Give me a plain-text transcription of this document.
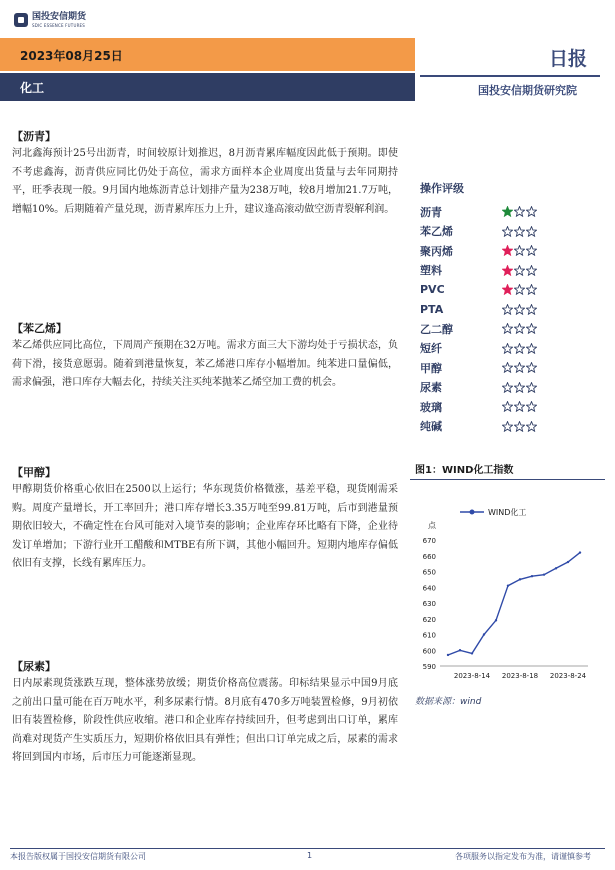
国投安信期货
SDIC ESSENCE FUTURES
2023年08月25日
化工
日报
国投安信期货研究院
【沥青】
河北鑫海预计25号出沥青，时间较原计划推迟，8月沥青累库幅度因此低于预期。即使不考虑鑫海，沥青供应同比仍处于高位，需求方面样本企业周度出货量与去年同期持平，旺季表现一般。9月国内地炼沥青总计划排产量为238万吨，较8月增加21.7万吨，增幅10%。后期随着产量兑现，沥青累库压力上升，建议逢高滚动做空沥青裂解利润。
【苯乙烯】
苯乙烯供应同比高位，下周周产预期在32万吨。需求方面三大下游均处于亏损状态，负荷下滑，接货意愿弱。随着到港量恢复，苯乙烯港口库存小幅增加。纯苯进口量偏低，需求偏强，港口库存大幅去化，持续关注买纯苯抛苯乙烯空加工费的机会。
【甲醇】
甲醇期货价格重心依旧在2500以上运行；华东现货价格微涨，基差平稳，现货刚需采购。周度产量增长，开工率回升；港口库存增长3.35万吨至99.81万吨，后市到港量预期依旧较大，不确定性在台风可能对入境节奏的影响；企业库存环比略有下降，企业待发订单增加；下游行业开工醋酸和MTBE有所下调，其他小幅回升。短期内地库存偏低依旧有支撑，长线有累库压力。
【尿素】
日内尿素现货涨跌互现，整体涨势放缓；期货价格高位震荡。印标结果显示中国9月底之前出口量可能在百万吨水平，利多尿素行情。8月底有470多万吨装置检修，9月初依旧有装置检修，阶段性供应收缩。港口和企业库存持续回升，但考虑到出口订单，累库尚难对现货产生实质压力，短期价格依旧具有弹性；但出口订单完成之后，尿素的需求将回到国内市场，后市压力可能逐渐显现。
操作评级
沥青
苯乙烯
聚丙烯
塑料
PVC
PTA
乙二醇
短纤
甲醇
尿素
玻璃
纯碱
图1：WIND化工指数
WIND化工
点
590
600
610
620
630
640
650
660
670
2023-8-14 2023-8-18 2023-8-24
数据来源：wind
本报告版权属于国投安信期货有限公司	1	各项服务以指定发布为准，请谨慎参考
